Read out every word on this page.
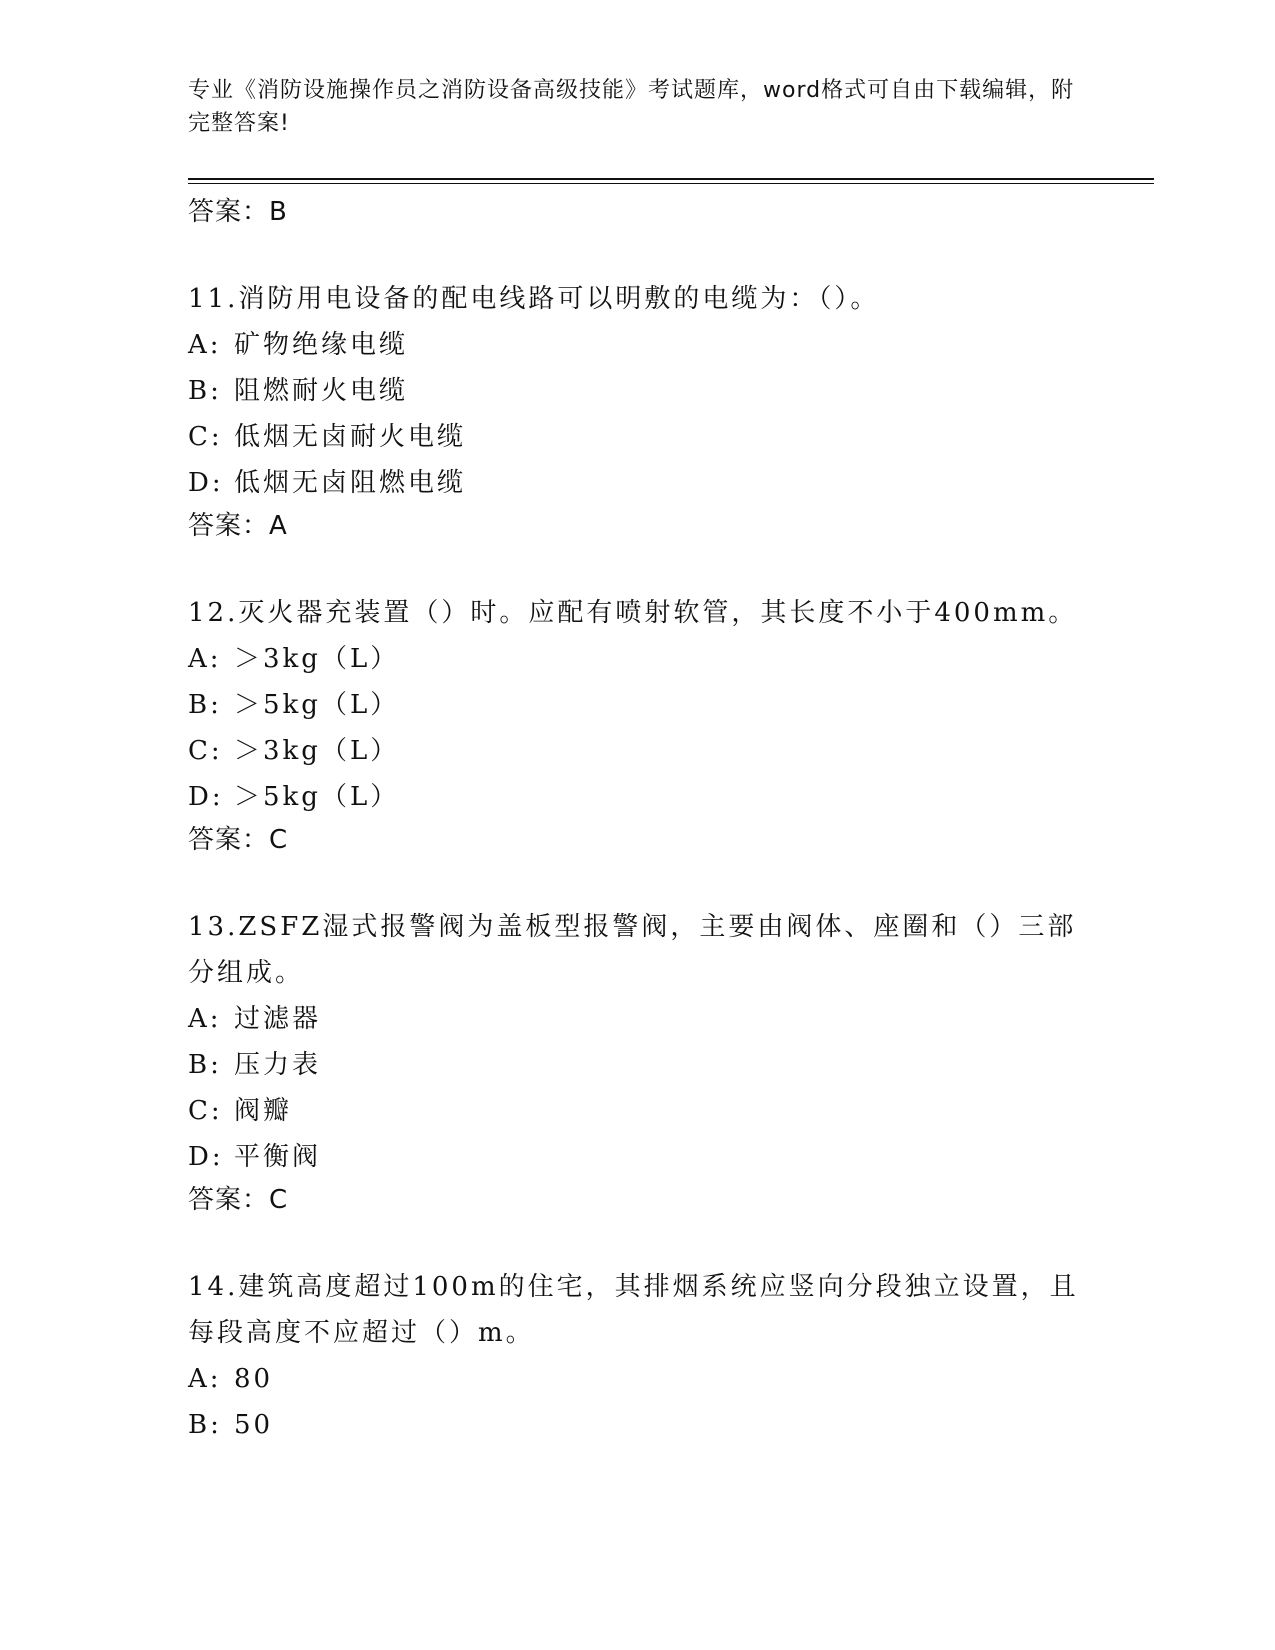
专业《消防设施操作员之消防设备高级技能》考试题库，word格式可自由下载编辑，附完整答案!
答案：B
11.消防用电设备的配电线路可以明敷的电缆为：（）。
A: 矿物绝缘电缆
B: 阻燃耐火电缆
C: 低烟无卤耐火电缆
D: 低烟无卤阻燃电缆
答案：A
12.灭火器充装置（）时。应配有喷射软管，其长度不小于400mm。
A: ＞3kg（L）
B: ＞5kg（L）
C: ＞3kg（L）
D: ＞5kg（L）
答案：C
13.ZSFZ湿式报警阀为盖板型报警阀，主要由阀体、座圈和（）三部分组成。
A: 过滤器
B: 压力表
C: 阀瓣
D: 平衡阀
答案：C
14.建筑高度超过100m的住宅，其排烟系统应竖向分段独立设置，且每段高度不应超过（）m。
A: 80
B: 50
